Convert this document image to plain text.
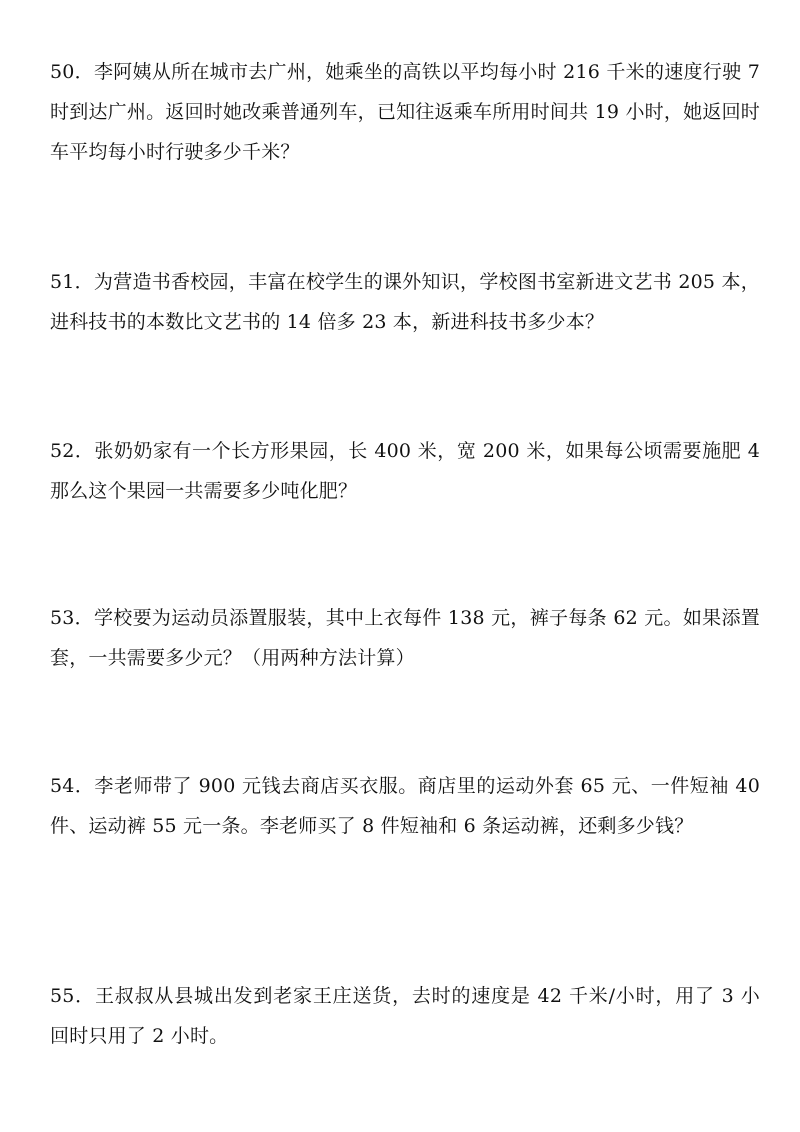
50．李阿姨从所在城市去广州，她乘坐的高铁以平均每小时 216 千米的速度行驶 7
时到达广州。返回时她改乘普通列车，已知往返乘车所用时间共 19 小时，她返回时
车平均每小时行驶多少千米？
51．为营造书香校园，丰富在校学生的课外知识，学校图书室新进文艺书 205 本，
进科技书的本数比文艺书的 14 倍多 23 本，新进科技书多少本？
52．张奶奶家有一个长方形果园，长 400 米，宽 200 米，如果每公顷需要施肥 4
那么这个果园一共需要多少吨化肥？
53．学校要为运动员添置服装，其中上衣每件 138 元，裤子每条 62 元。如果添置
套，一共需要多少元？（用两种方法计算）
54．李老师带了 900 元钱去商店买衣服。商店里的运动外套 65 元、一件短袖 40
件、运动裤 55 元一条。李老师买了 8 件短袖和 6 条运动裤，还剩多少钱？
55．王叔叔从县城出发到老家王庄送货，去时的速度是 42 千米/小时，用了 3 小
回时只用了 2 小时。
